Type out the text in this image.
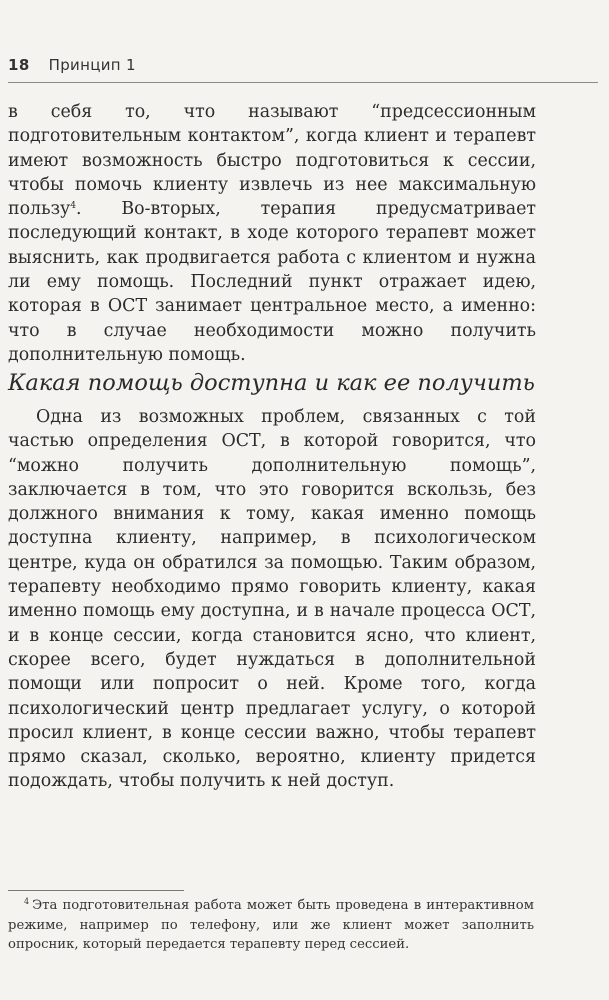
18 Принцип 1

в себя то, что называют “предсессионным подготовительным контактом”, когда клиент и терапевт имеют возможность быстро подготовиться к сессии, чтобы помочь клиенту извлечь из нее максимальную пользу$^4$. Во-вторых, терапия предусматривает последующий контакт, в ходе которого терапевт может выяснить, как продвигается работа с клиентом и нужна ли ему помощь. Последний пункт отражает идею, которая в ОСТ занимает центральное место, а именно: что в случае необходимости можно получить дополнительную помощь.

Какая помощь доступна и как ее получить

Одна из возможных проблем, связанных с той частью определения ОСТ, в которой говорится, что “можно получить дополнительную помощь”, заключается в том, что это говорится вскользь, без должного внимания к тому, какая именно помощь доступна клиенту, например, в психологическом центре, куда он обратился за помощью. Таким образом, терапевту необходимо прямо говорить клиенту, какая именно помощь ему доступна, и в начале процесса ОСТ, и в конце сессии, когда становится ясно, что клиент, скорее всего, будет нуждаться в дополнительной помощи или попросит о ней. Кроме того, когда психологический центр предлагает услугу, о которой просил клиент, в конце сессии важно, чтобы терапевт прямо сказал, сколько, вероятно, клиенту придется подождать, чтобы получить к ней доступ.

$^4$ Эта подготовительная работа может быть проведена в интерактивном режиме, например по телефону, или же клиент может заполнить опросник, который передается терапевту перед сессией.
